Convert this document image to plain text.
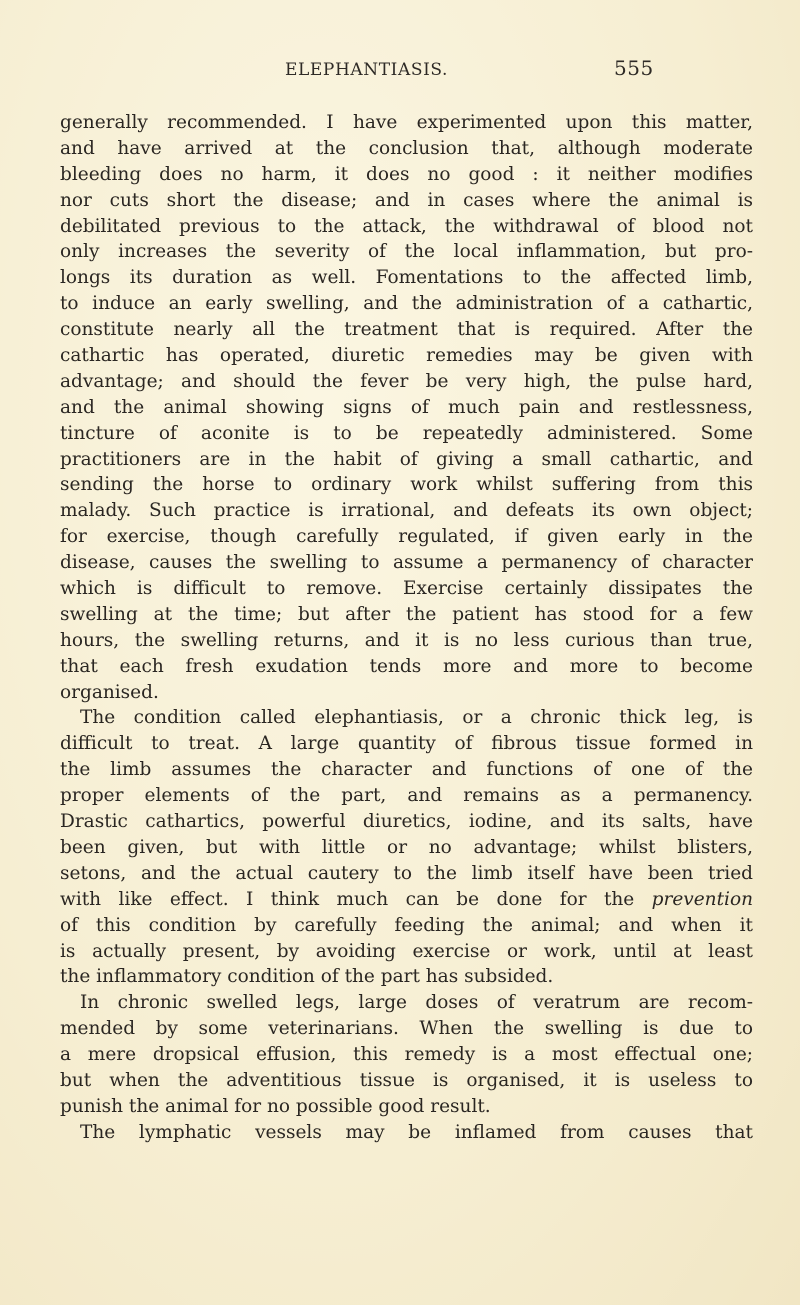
ELEPHANTIASIS.	555
generally recommended. I have experimented upon this matter,
and have arrived at the conclusion that, although moderate
bleeding does no harm, it does no good : it neither modifies
nor cuts short the disease; and in cases where the animal is
debilitated previous to the attack, the withdrawal of blood not
only increases the severity of the local inflammation, but pro-
longs its duration as well. Fomentations to the affected limb,
to induce an early swelling, and the administration of a cathartic,
constitute nearly all the treatment that is required. After the
cathartic has operated, diuretic remedies may be given with
advantage; and should the fever be very high, the pulse hard,
and the animal showing signs of much pain and restlessness,
tincture of aconite is to be repeatedly administered. Some
practitioners are in the habit of giving a small cathartic, and
sending the horse to ordinary work whilst suffering from this
malady. Such practice is irrational, and defeats its own object;
for exercise, though carefully regulated, if given early in the
disease, causes the swelling to assume a permanency of character
which is difficult to remove. Exercise certainly dissipates the
swelling at the time; but after the patient has stood for a few
hours, the swelling returns, and it is no less curious than true,
that each fresh exudation tends more and more to become
organised.
The condition called elephantiasis, or a chronic thick leg, is
difficult to treat. A large quantity of fibrous tissue formed in
the limb assumes the character and functions of one of the
proper elements of the part, and remains as a permanency.
Drastic cathartics, powerful diuretics, iodine, and its salts, have
been given, but with little or no advantage; whilst blisters,
setons, and the actual cautery to the limb itself have been tried
with like effect. I think much can be done for the prevention
of this condition by carefully feeding the animal; and when it
is actually present, by avoiding exercise or work, until at least
the inflammatory condition of the part has subsided.
In chronic swelled legs, large doses of veratrum are recom-
mended by some veterinarians. When the swelling is due to
a mere dropsical effusion, this remedy is a most effectual one;
but when the adventitious tissue is organised, it is useless to
punish the animal for no possible good result.
The lymphatic vessels may be inflamed from causes that
